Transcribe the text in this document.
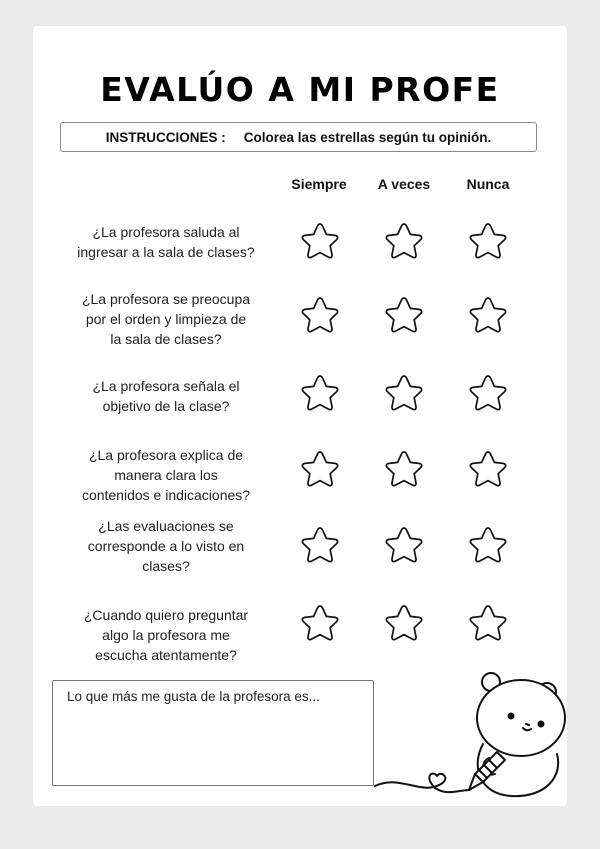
EVALÚO A MI PROFE
INSTRUCCIONES : Colorea las estrellas según tu opinión.
Siempre	A veces	Nunca
¿La profesora saluda al
ingresar a la sala de clases?
¿La profesora se preocupa
por el orden y limpieza de
la sala de clases?
¿La profesora señala el
objetivo de la clase?
¿La profesora explica de
manera clara los
contenidos e indicaciones?
¿Las evaluaciones se
corresponde a lo visto en
clases?
¿Cuando quiero preguntar
algo la profesora me
escucha atentamente?
Lo que más me gusta de la profesora es...
